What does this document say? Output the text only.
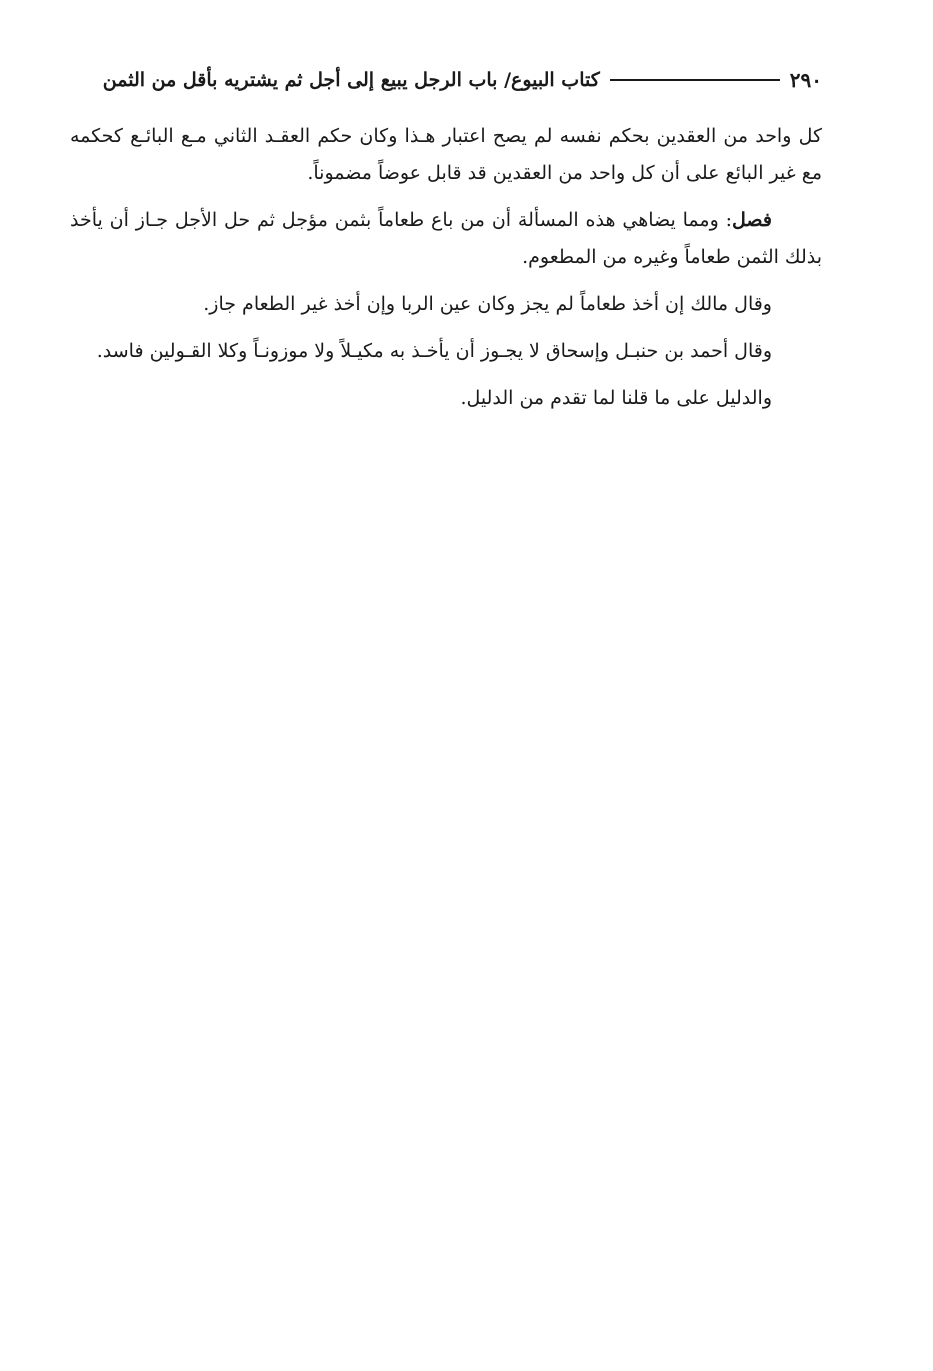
٢٩٠
كتاب البيوع/ باب الرجل يبيع إلى أجل ثم يشتريه بأقل من الثمن

كل واحد من العقدين بحكم نفسه لم يصح اعتبار هـذا وكان حكم العقـد الثاني مـع البائـع كحكمه مع غير البائع على أن كل واحد من العقدين قد قابل عوضاً مضموناً.

فصل: ومما يضاهي هذه المسألة أن من باع طعاماً بثمن مؤجل ثم حل الأجل جـاز أن يأخذ بذلك الثمن طعاماً وغيره من المطعوم.

وقال مالك إن أخذ طعاماً لم يجز وكان عين الربا وإن أخذ غير الطعام جاز.

وقال أحمد بن حنبـل وإسحاق لا يجـوز أن يأخـذ به مكيـلاً ولا موزونـاً وكلا القـولين فاسد.

والدليل على ما قلنا لما تقدم من الدليل.
